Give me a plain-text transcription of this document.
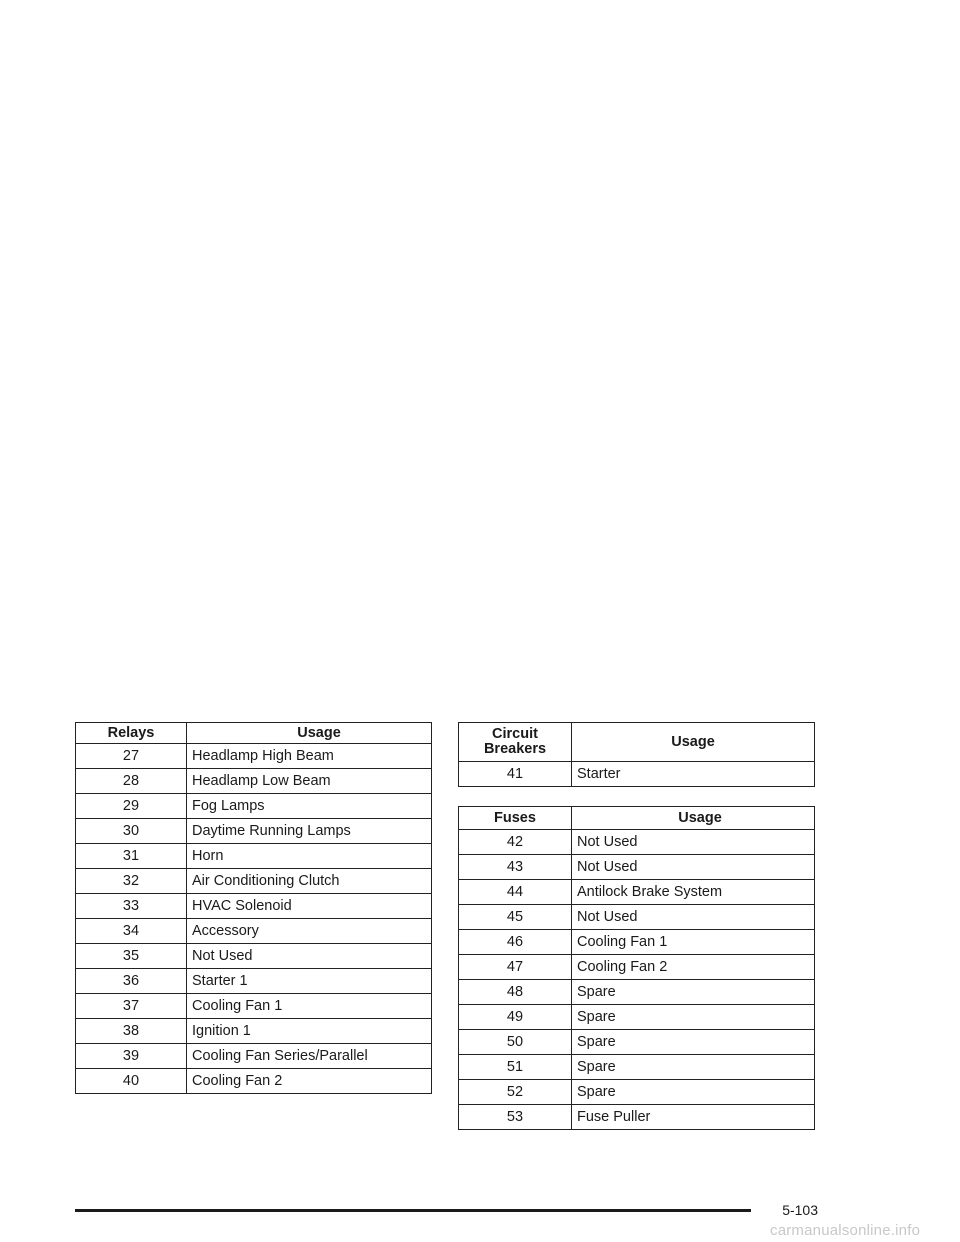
Relays	Usage
27	Headlamp High Beam
28	Headlamp Low Beam
29	Fog Lamps
30	Daytime Running Lamps
31	Horn
32	Air Conditioning Clutch
33	HVAC Solenoid
34	Accessory
35	Not Used
36	Starter 1
37	Cooling Fan 1
38	Ignition 1
39	Cooling Fan Series/Parallel
40	Cooling Fan 2
Circuit
Breakers	Usage
41	Starter
Fuses	Usage
42	Not Used
43	Not Used
44	Antilock Brake System
45	Not Used
46	Cooling Fan 1
47	Cooling Fan 2
48	Spare
49	Spare
50	Spare
51	Spare
52	Spare
53	Fuse Puller
5-103
carmanualsonline.info
